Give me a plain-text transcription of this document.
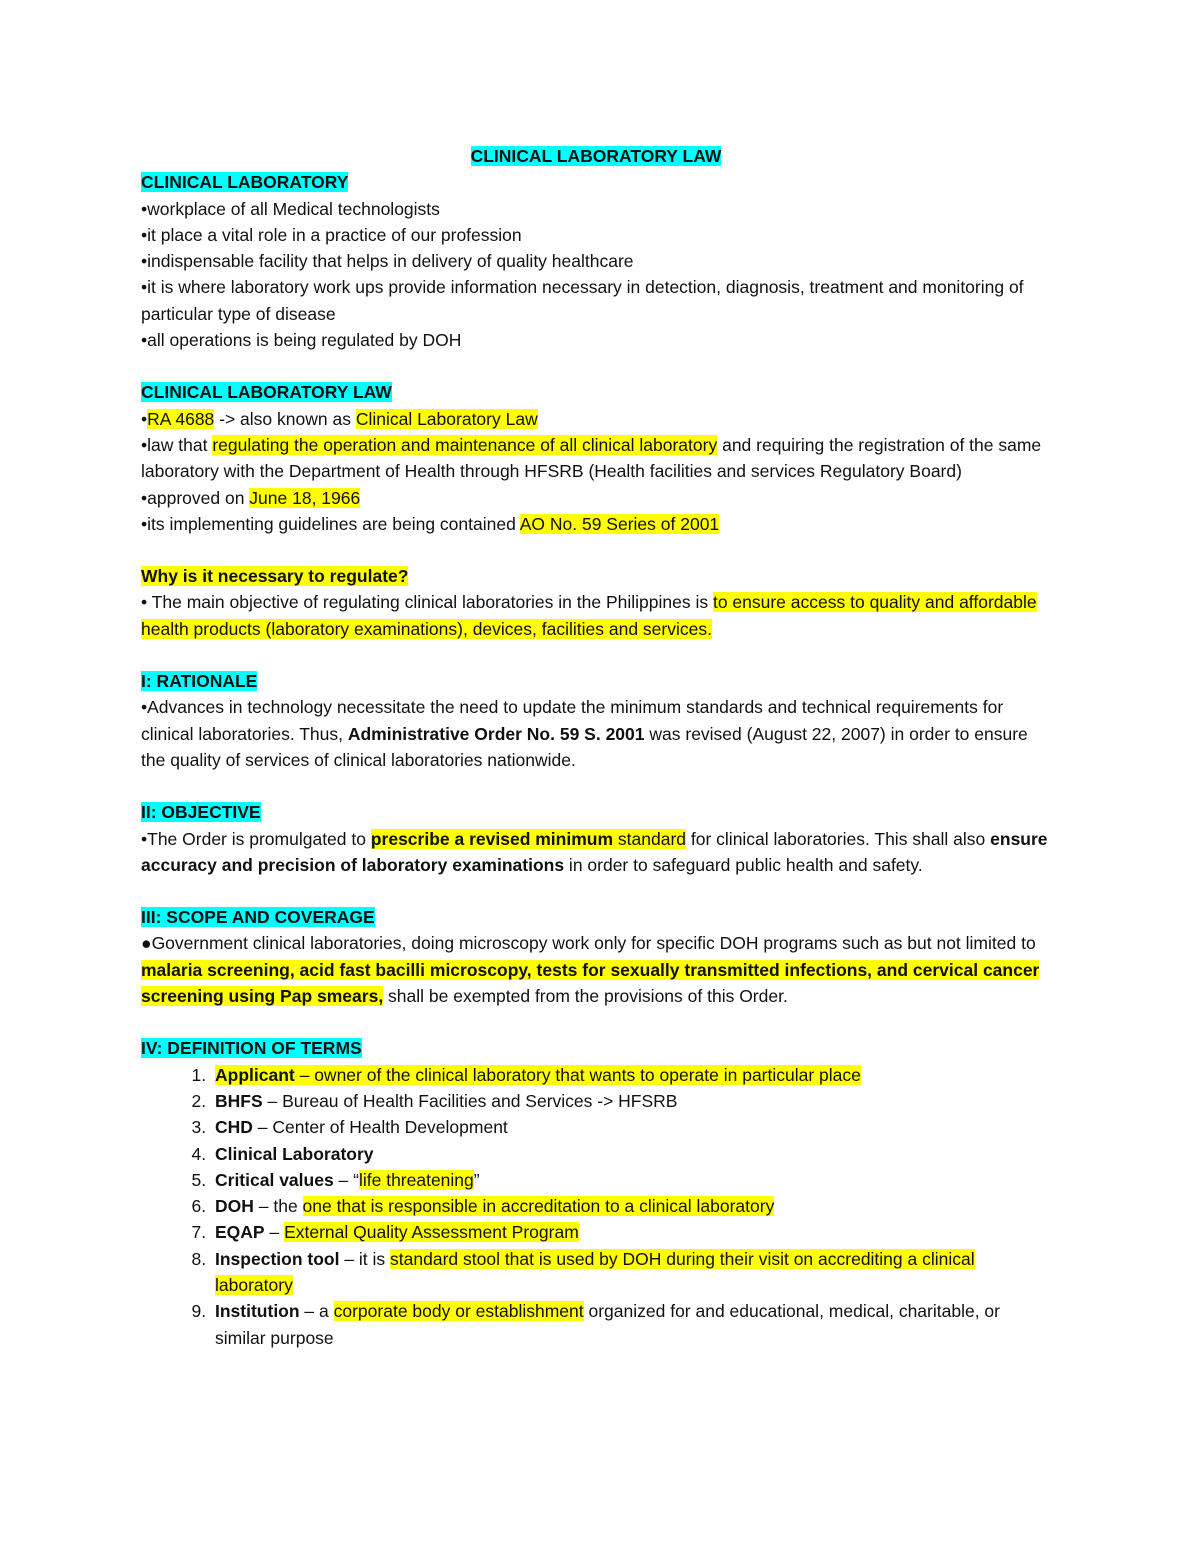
CLINICAL LABORATORY LAW

CLINICAL LABORATORY

•workplace of all Medical technologists

•it place a vital role in a practice of our profession

•indispensable facility that helps in delivery of quality healthcare

•it is where laboratory work ups provide information necessary in detection, diagnosis, treatment and monitoring of particular type of disease

•all operations is being regulated by DOH

CLINICAL LABORATORY LAW

•RA 4688 -> also known as Clinical Laboratory Law

•law that regulating the operation and maintenance of all clinical laboratory and requiring the registration of the same laboratory with the Department of Health through HFSRB (Health facilities and services Regulatory Board)

•approved on June 18, 1966

•its implementing guidelines are being contained AO No. 59 Series of 2001

Why is it necessary to regulate?

• The main objective of regulating clinical laboratories in the Philippines is to ensure access to quality and affordable health products (laboratory examinations), devices, facilities and services.

I: RATIONALE

•Advances in technology necessitate the need to update the minimum standards and technical requirements for clinical laboratories. Thus, Administrative Order No. 59 S. 2001 was revised (August 22, 2007) in order to ensure the quality of services of clinical laboratories nationwide.

II: OBJECTIVE

•The Order is promulgated to prescribe a revised minimum standard for clinical laboratories. This shall also ensure accuracy and precision of laboratory examinations in order to safeguard public health and safety.

III: SCOPE AND COVERAGE

●Government clinical laboratories, doing microscopy work only for specific DOH programs such as but not limited to malaria screening, acid fast bacilli microscopy, tests for sexually transmitted infections, and cervical cancer screening using Pap smears, shall be exempted from the provisions of this Order.

IV: DEFINITION OF TERMS

1. Applicant – owner of the clinical laboratory that wants to operate in particular place
2. BHFS – Bureau of Health Facilities and Services -> HFSRB
3. CHD – Center of Health Development
4. Clinical Laboratory
5. Critical values – “life threatening”
6. DOH – the one that is responsible in accreditation to a clinical laboratory
7. EQAP – External Quality Assessment Program
8. Inspection tool – it is standard stool that is used by DOH during their visit on accrediting a clinical laboratory
9. Institution – a corporate body or establishment organized for and educational, medical, charitable, or similar purpose
